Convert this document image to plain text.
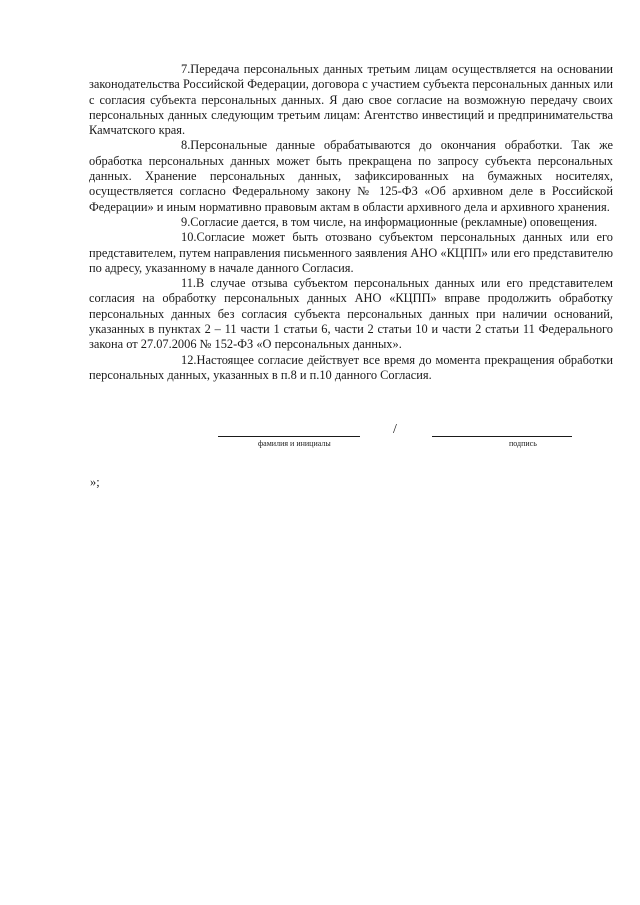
7.Передача персональных данных третьим лицам осуществляется на основании законодательства Российской Федерации, договора с участием субъекта персональных данных или с согласия субъекта персональных данных. Я даю свое согласие на возможную передачу своих персональных данных следующим третьим лицам: Агентство инвестиций и предпринимательства Камчатского края.

8.Персональные данные обрабатываются до окончания обработки. Так же обработка персональных данных может быть прекращена по запросу субъекта персональных данных. Хранение персональных данных, зафиксированных на бумажных носителях, осуществляется согласно Федеральному закону № 125-ФЗ «Об архивном деле в Российской Федерации» и иным нормативно правовым актам в области архивного дела и архивного хранения.

9.Согласие дается, в том числе, на информационные (рекламные) оповещения.

10.Согласие может быть отозвано субъектом персональных данных или его представителем, путем направления письменного заявления АНО «КЦПП» или его представителю по адресу, указанному в начале данного Согласия.

11.В случае отзыва субъектом персональных данных или его представителем согласия на обработку персональных данных АНО «КЦПП» вправе продолжить обработку персональных данных без согласия субъекта персональных данных при наличии оснований, указанных в пунктах 2 – 11 части 1 статьи 6, части 2 статьи 10 и части 2 статьи 11 Федерального закона от 27.07.2006 № 152-ФЗ «О персональных данных».

12.Настоящее согласие действует все время до момента прекращения обработки персональных данных, указанных в п.8 и п.10 данного Согласия.

фамилия и инициалы
/
подпись
»;
